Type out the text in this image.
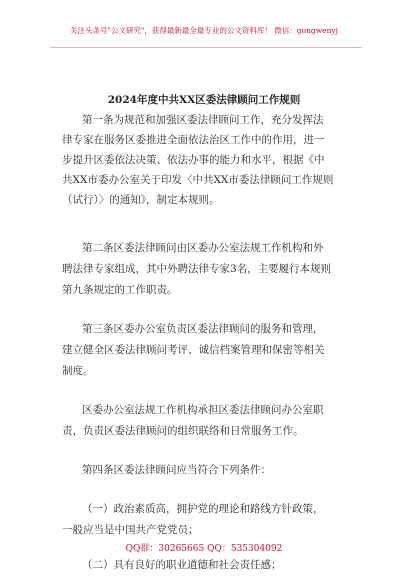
关注头条号"公文研究"，获得最新最全最专业的公文资料库！ 微信：gongwenyj
2024年度中共XX区委法律顾问工作规则
第一条为规范和加强区委法律顾问工作，充分发挥法
律专家在服务区委推进全面依法治区工作中的作用，进一
步提升区委依法决策、依法办事的能力和水平，根据《中
共XX市委办公室关于印发〈中共XX市委法律顾问工作规则
（试行）〉的通知》，制定本规则。
第二条区委法律顾问由区委办公室法规工作机构和外
聘法律专家组成，其中外聘法律专家3名，主要履行本规则
第九条规定的工作职责。
第三条区委办公室负责区委法律顾问的服务和管理，
建立健全区委法律顾问考评、诚信档案管理和保密等相关
制度。
区委办公室法规工作机构承担区委法律顾问办公室职
责，负责区委法律顾问的组织联络和日常服务工作。
第四条区委法律顾问应当符合下列条件：
（一）政治素质高，拥护党的理论和路线方针政策，
一般应当是中国共产党党员；
（二）具有良好的职业道德和社会责任感；
QQ群：30265665 QQ：535304092
